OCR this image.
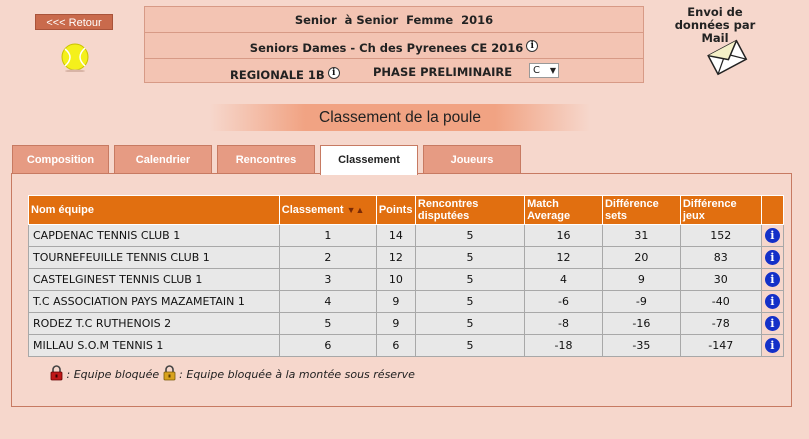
<<< Retour	Senior  à Senior  Femme  2016
Seniors Dames - Ch des Pyrenees CE 2016 i
REGIONALE 1B i	PHASE PRELIMINAIRE	C ▼
Envoi de données par Mail
Classement de la poule
Composition	Calendrier	Rencontres	Classement	Joueurs
Nom équipe	Classement ▼▲	Points	Rencontres disputées	Match Average	Différence sets	Différence jeux	
CAPDENAC TENNIS CLUB 1	1	14	5	16	31	152	i
TOURNEFEUILLE TENNIS CLUB 1	2	12	5	12	20	83	i
CASTELGINEST TENNIS CLUB 1	3	10	5	4	9	30	i
T.C ASSOCIATION PAYS MAZAMETAIN 1	4	9	5	-6	-9	-40	i
RODEZ T.C RUTHENOIS 2	5	9	5	-8	-16	-78	i
MILLAU S.O.M TENNIS 1	6	6	5	-18	-35	-147	i
: Equipe bloquée : Equipe bloquée à la montée sous réserve
